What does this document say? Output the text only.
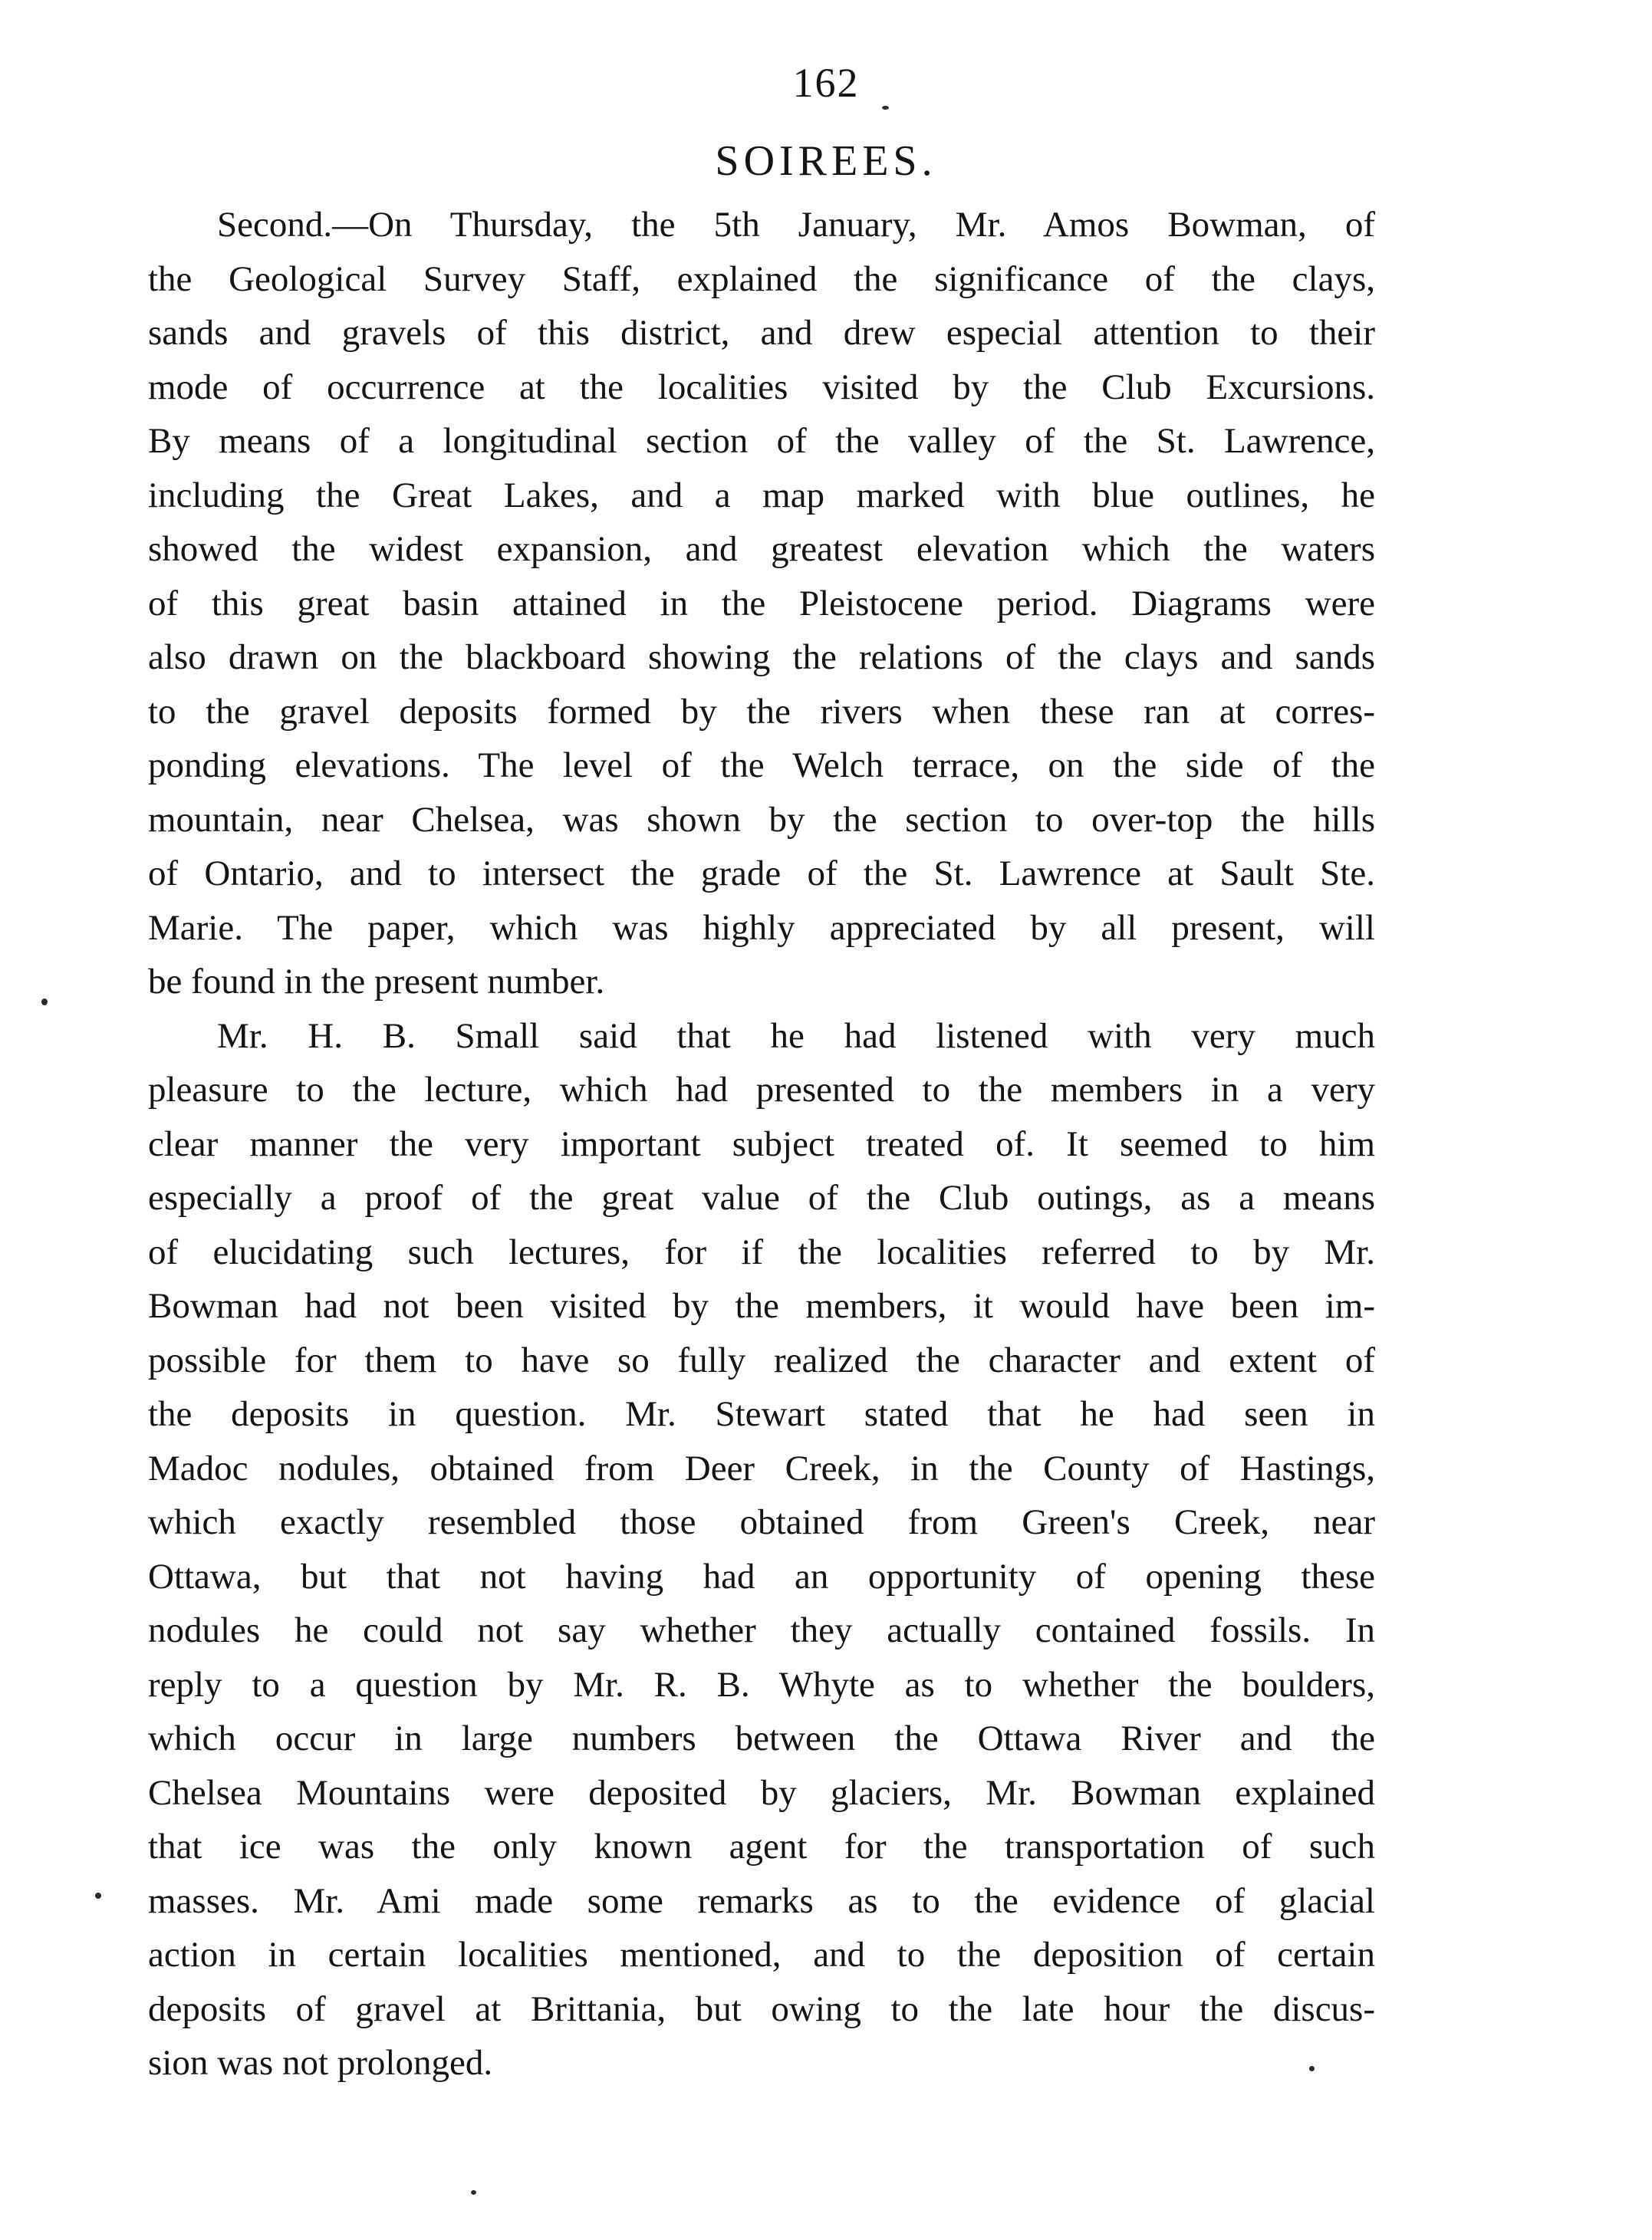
162
SOIREES.
Second.—On Thursday, the 5th January, Mr. Amos Bowman, of
the Geological Survey Staff, explained the significance of the clays,
sands and gravels of this district, and drew especial attention to their
mode of occurrence at the localities visited by the Club Excursions.
By means of a longitudinal section of the valley of the St. Lawrence,
including the Great Lakes, and a map marked with blue outlines, he
showed the widest expansion, and greatest elevation which the waters
of this great basin attained in the Pleistocene period. Diagrams were
also drawn on the blackboard showing the relations of the clays and sands
to the gravel deposits formed by the rivers when these ran at corres-
ponding elevations. The level of the Welch terrace, on the side of the
mountain, near Chelsea, was shown by the section to over-top the hills
of Ontario, and to intersect the grade of the St. Lawrence at Sault Ste.
Marie. The paper, which was highly appreciated by all present, will
be found in the present number.
Mr. H. B. Small said that he had listened with very much
pleasure to the lecture, which had presented to the members in a very
clear manner the very important subject treated of. It seemed to him
especially a proof of the great value of the Club outings, as a means
of elucidating such lectures, for if the localities referred to by Mr.
Bowman had not been visited by the members, it would have been im-
possible for them to have so fully realized the character and extent of
the deposits in question. Mr. Stewart stated that he had seen in
Madoc nodules, obtained from Deer Creek, in the County of Hastings,
which exactly resembled those obtained from Green's Creek, near
Ottawa, but that not having had an opportunity of opening these
nodules he could not say whether they actually contained fossils. In
reply to a question by Mr. R. B. Whyte as to whether the boulders,
which occur in large numbers between the Ottawa River and the
Chelsea Mountains were deposited by glaciers, Mr. Bowman explained
that ice was the only known agent for the transportation of such
masses. Mr. Ami made some remarks as to the evidence of glacial
action in certain localities mentioned, and to the deposition of certain
deposits of gravel at Brittania, but owing to the late hour the discus-
sion was not prolonged.
